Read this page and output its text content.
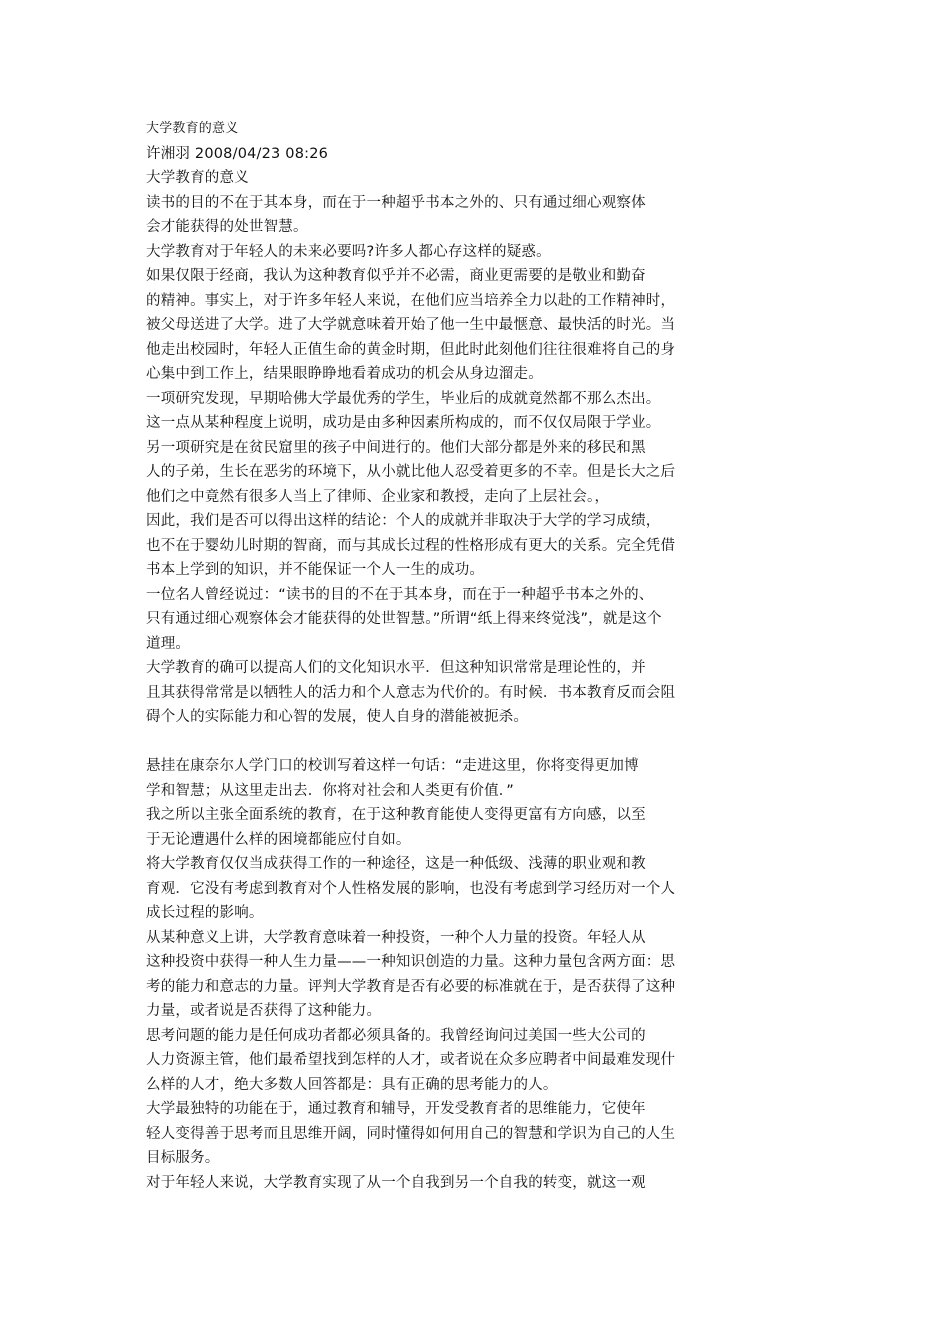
大学教育的意义
许湘羽 2008/04/23 08:26
大学教育的意义
读书的目的不在于其本身，而在于一种超乎书本之外的、只有通过细心观察体
会才能获得的处世智慧。
大学教育对于年轻人的未来必要吗?许多人都心存这样的疑惑。
如果仅限于经商，我认为这种教育似乎并不必需，商业更需要的是敬业和勤奋
的精神。事实上，对于许多年轻人来说，在他们应当培养全力以赴的工作精神时，
被父母送进了大学。进了大学就意味着开始了他一生中最惬意、最快活的时光。当
他走出校园时，年轻人正值生命的黄金时期，但此时此刻他们往往很难将自己的身
心集中到工作上，结果眼睁睁地看着成功的机会从身边溜走。
一项研究发现，早期哈佛大学最优秀的学生，毕业后的成就竟然都不那么杰出。
这一点从某种程度上说明，成功是由多种因素所构成的，而不仅仅局限于学业。
另一项研究是在贫民窟里的孩子中间进行的。他们大部分都是外来的移民和黑
人的子弟，生长在恶劣的环境下，从小就比他人忍受着更多的不幸。但是长大之后
他们之中竟然有很多人当上了律师、企业家和教授，走向了上层社会。，
因此，我们是否可以得出这样的结论：个人的成就并非取决于大学的学习成绩，
也不在于婴幼儿时期的智商，而与其成长过程的性格形成有更大的关系。完全凭借
书本上学到的知识，并不能保证一个人一生的成功。
一位名人曾经说过：“读书的目的不在于其本身，而在于一种超乎书本之外的、
只有通过细心观察体会才能获得的处世智慧。”所谓“纸上得来终觉浅”，就是这个
道理。
大学教育的确可以提高人们的文化知识水平．但这种知识常常是理论性的，并
且其获得常常是以牺牲人的活力和个人意志为代价的。有时候．书本教育反而会阻
碍个人的实际能力和心智的发展，使人自身的潜能被扼杀。
悬挂在康奈尔人学门口的校训写着这样一句话：“走进这里，你将变得更加博
学和智慧；从这里走出去．你将对社会和人类更有价值．”
我之所以主张全面系统的教育，在于这种教育能使人变得更富有方向感，以至
于无论遭遇什么样的困境都能应付自如。
将大学教育仅仅当成获得工作的一种途径，这是一种低级、浅薄的职业观和教
育观．它没有考虑到教育对个人性格发展的影响，也没有考虑到学习经历对一个人
成长过程的影响。
从某种意义上讲，大学教育意味着一种投资，一种个人力量的投资。年轻人从
这种投资中获得一种人生力量——一种知识创造的力量。这种力量包含两方面：思
考的能力和意志的力量。评判大学教育是否有必要的标准就在于，是否获得了这种
力量，或者说是否获得了这种能力。
思考问题的能力是任何成功者都必须具备的。我曾经询问过美国一些大公司的
人力资源主管，他们最希望找到怎样的人才，或者说在众多应聘者中间最难发现什
么样的人才，绝大多数人回答都是：具有正确的思考能力的人。
大学最独特的功能在于，通过教育和辅导，开发受教育者的思维能力，它使年
轻人变得善于思考而且思维开阔，同时懂得如何用自己的智慧和学识为自己的人生
目标服务。
对于年轻人来说，大学教育实现了从一个自我到另一个自我的转变，就这一观
